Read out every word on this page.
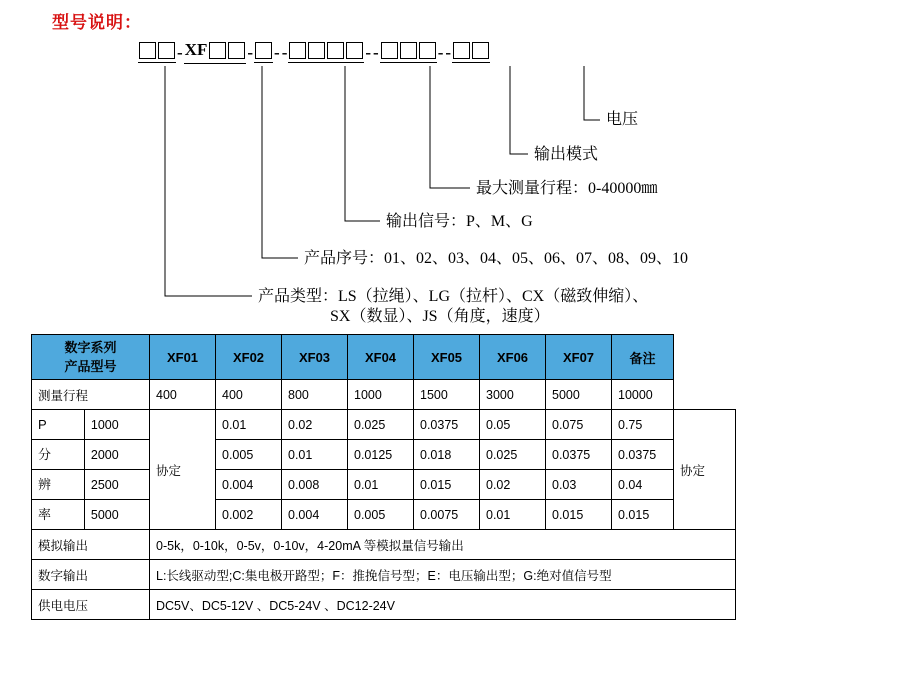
型号说明：
- XF - - -	- -	- -
电压
输出模式
最大测量行程：0-40000㎜
输出信号：P、M、G
产品序号：01、02、03、04、05、06、07、08、09、10
产品类型：LS（拉绳）、LG（拉杆）、CX（磁致伸缩）、
SX（数显）、JS（角度，速度）
数字系列
产品型号		XF01	XF02	XF03	XF04	XF05	XF06	XF07	备注	
测量行程		400	400	800	1000	1500	3000	5000	10000	
P	1000	协定	0.01	0.02	0.025	0.0375	0.05	0.075	0.75	协定
分	2000		0.005	0.01	0.0125	0.018	0.025	0.0375	0.0375	
辨	2500		0.004	0.008	0.01	0.015	0.02	0.03	0.04	
率	5000		0.002	0.004	0.005	0.0075	0.01	0.015	0.015	
模拟输出		0-5k，0-10k，0-5v，0-10v，4-20mA 等模拟量信号输出								
数字输出		L:长线驱动型;C:集电极开路型；F：推挽信号型；E：电压输出型；G:绝对值信号型								
供电电压		DC5V、DC5-12V 、DC5-24V 、DC12-24V								
